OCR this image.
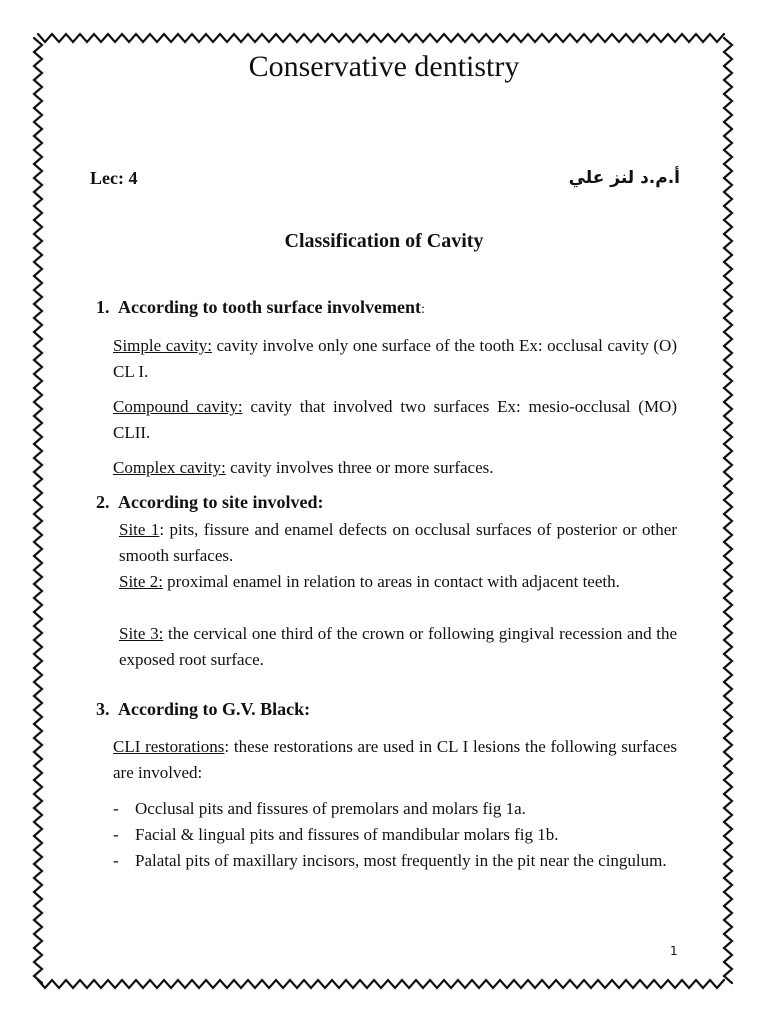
Conservative dentistry
Lec: 4	أ.م.د لنز علي
Classification of Cavity
1. According to tooth surface involvement:
Simple cavity: cavity involve only one surface of the tooth Ex: occlusal cavity (O) CL I.
Compound cavity: cavity that involved two surfaces Ex: mesio-occlusal (MO) CLII.
Complex cavity: cavity involves three or more surfaces.
2. According to site involved:
Site 1: pits, fissure and enamel defects on occlusal surfaces of posterior or other smooth surfaces.
Site 2: proximal enamel in relation to areas in contact with adjacent teeth.
Site 3: the cervical one third of the crown or following gingival recession and the exposed root surface.
3. According to G.V. Black:
CLI restorations: these restorations are used in CL I lesions the following surfaces are involved:
- Occlusal pits and fissures of premolars and molars fig 1a.
- Facial & lingual pits and fissures of mandibular molars fig 1b.
- Palatal pits of maxillary incisors, most frequently in the pit near the cingulum.
1
